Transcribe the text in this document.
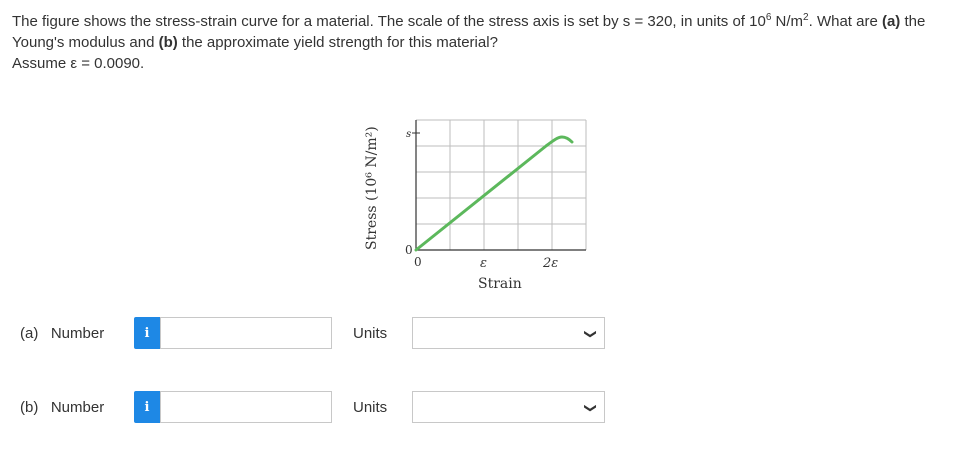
The figure shows the stress-strain curve for a material. The scale of the stress axis is set by s = 320, in units of $10^6$ $N/m^2$. What are (a) the Young's modulus and (b) the approximate yield strength for this material?
Assume ε = 0.0090.
s
0
0	ε	2ε
Strain
Stress (10⁶ N/m²)
(a)   Number	i	Units	❯
(b)   Number	i	Units	❯
